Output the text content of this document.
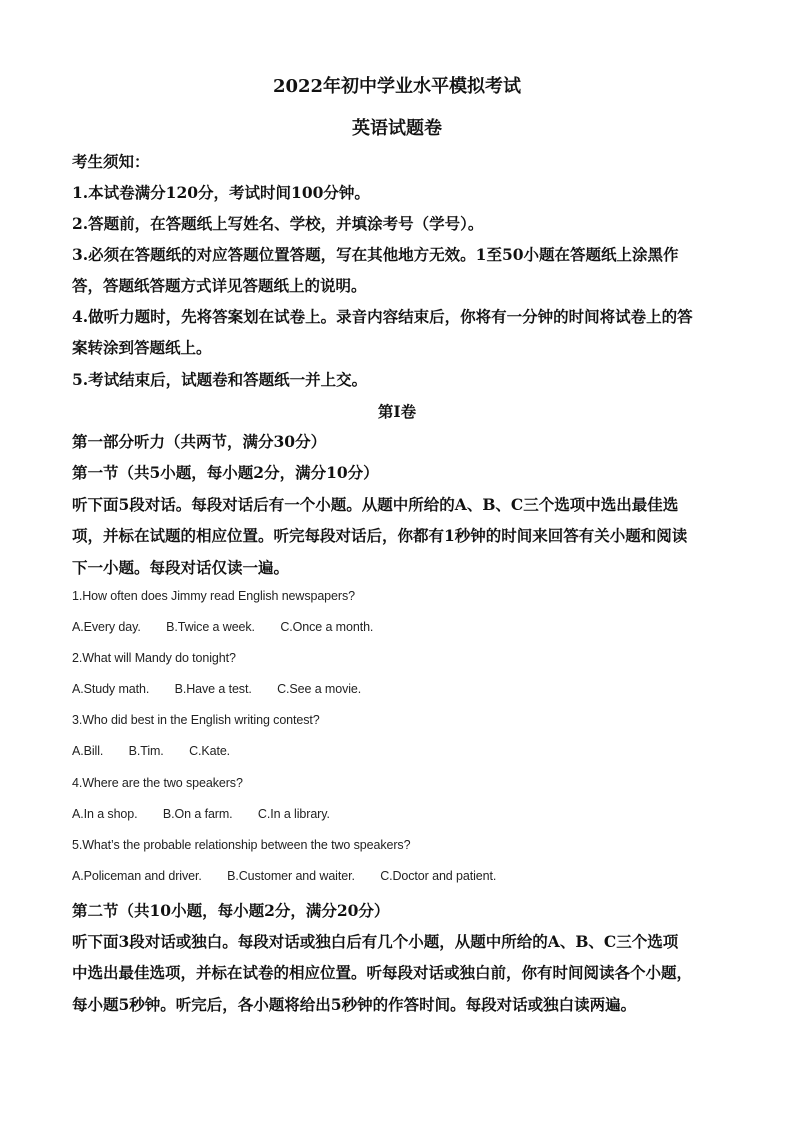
2022年初中学业水平模拟考试
英语试题卷
考生须知：
1.本试卷满分120分，考试时间100分钟。
2.答题前，在答题纸上写姓名、学校，并填涂考号（学号）。
3.必须在答题纸的对应答题位置答题，写在其他地方无效。1至50小题在答题纸上涂黑作
答，答题纸答题方式详见答题纸上的说明。
4.做听力题时，先将答案划在试卷上。录音内容结束后，你将有一分钟的时间将试卷上的答
案转涂到答题纸上。
5.考试结束后，试题卷和答题纸一并上交。
第I卷
第一部分听力（共两节，满分30分）
第一节（共5小题，每小题2分，满分10分）
听下面5段对话。每段对话后有一个小题。从题中所给的A、B、C三个选项中选出最佳选
项，并标在试题的相应位置。听完每段对话后，你都有1秒钟的时间来回答有关小题和阅读
下一小题。每段对话仅读一遍。
1.How often does Jimmy read English newspapers?
A.Every day. B.Twice a week. C.Once a month.
2.What will Mandy do tonight?
A.Study math. B.Have a test. C.See a movie.
3.Who did best in the English writing contest?
A.Bill. B.Tim. C.Kate.
4.Where are the two speakers?
A.In a shop. B.On a farm. C.In a library.
5.What’s the probable relationship between the two speakers?
A.Policeman and driver. B.Customer and waiter. C.Doctor and patient.
第二节（共10小题，每小题2分，满分20分）
听下面3段对话或独白。每段对话或独白后有几个小题，从题中所给的A、B、C三个选项
中选出最佳选项，并标在试卷的相应位置。听每段对话或独白前，你有时间阅读各个小题，
每小题5秒钟。听完后，各小题将给出5秒钟的作答时间。每段对话或独白读两遍。
